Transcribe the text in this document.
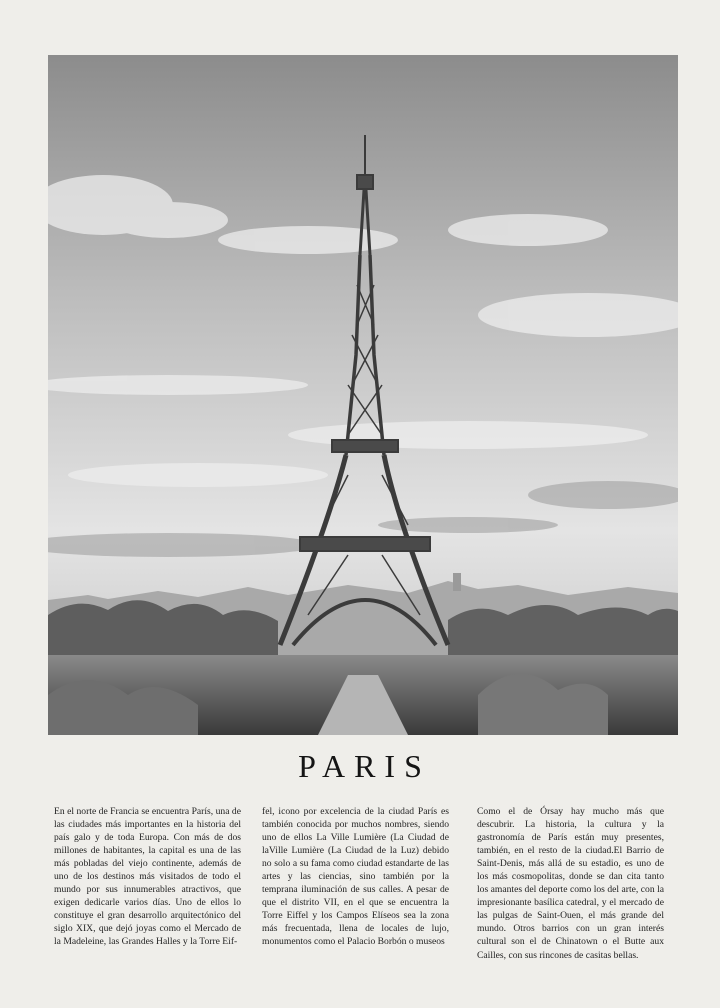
PARIS
En el norte de Francia se encuentra París, una de las ciudades más importantes en la historia del país galo y de toda Europa. Con más de dos millones de habitantes, la capital es una de las más pobladas del viejo continente, además de uno de los destinos más visitados de todo el mundo por sus innumerables atractivos, que exigen dedicarle varios días. Uno de ellos lo constituye el gran desarrollo arquitectónico del siglo XIX, que dejó joyas como el Mercado de la Madeleine, las Grandes Halles y la Torre Eif-
fel, icono por excelencia de la ciudad París es también conocida por muchos nombres, siendo uno de ellos La Ville Lumière (La Ciudad de laVille Lumière (La Ciudad de la Luz) debido no solo a su fama como ciudad estandarte de las artes y las ciencias, sino también por la temprana iluminación de sus calles. A pesar de que el distrito VII, en el que se encuentra la Torre Eiffel y los Campos Elíseos sea la zona más frecuentada, llena de locales de lujo, monumentos como el Palacio Borbón o museos
Como el de Órsay hay mucho más que descubrir. La historia, la cultura y la gastronomía de París están muy presentes, también, en el resto de la ciudad.El Barrio de Saint-Denis, más allá de su estadio, es uno de los más cosmopolitas, donde se dan cita tanto los amantes del deporte como los del arte, con la impresionante basílica catedral, y el mercado de las pulgas de Saint-Ouen, el más grande del mundo. Otros barrios con un gran interés cultural son el de Chinatown o el Butte aux Cailles, con sus rincones de casitas bellas.
